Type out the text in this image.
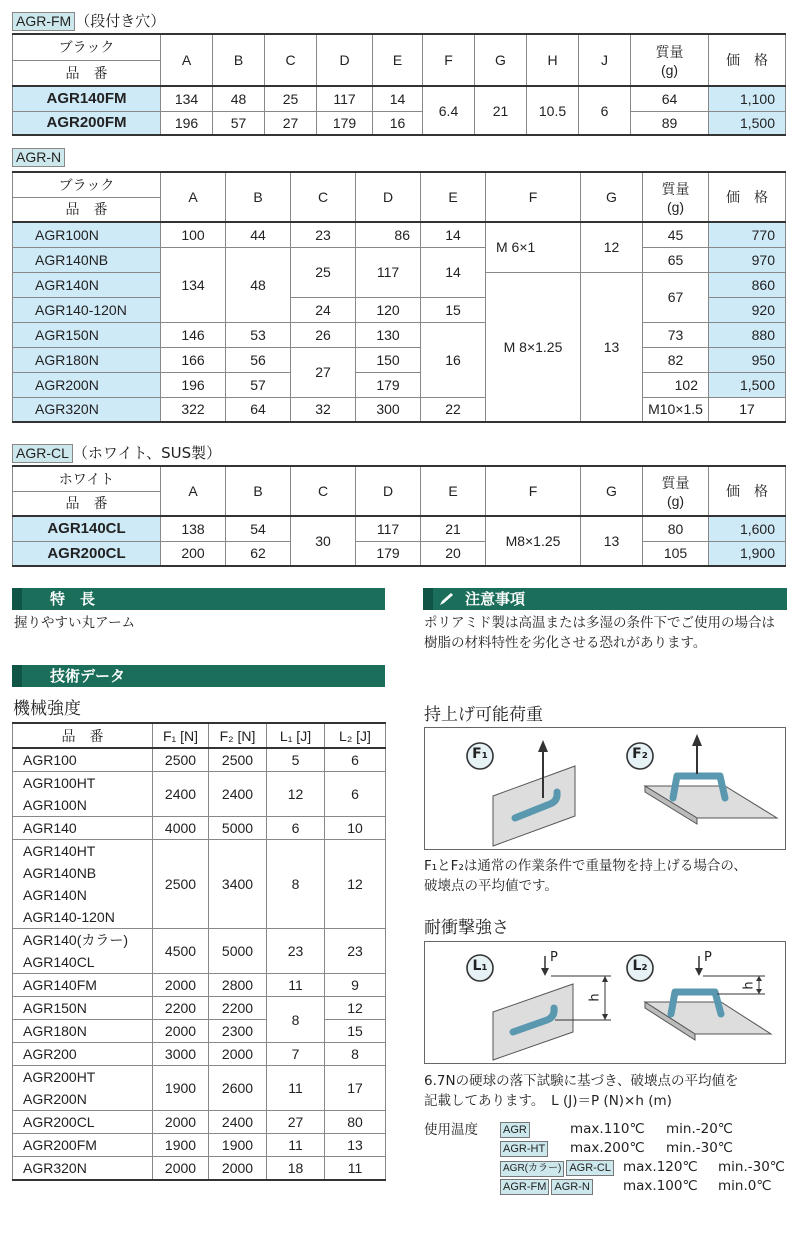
AGR-FM （段付き穴）
ブラック	A	B	C	D	E	F	G	H	J	質量
(g)	価　格
品　番											
AGR140FM	134	48	25	117	14	6.4	21	10.5	6	64	1,100
AGR200FM	196	57	27	179	16					89	1,500
AGR-N
ブラック	A	B	C	D	E	F	G	質量
(g)	価　格	
品　番										
AGR100N	100	44	23	86	14	M 6×1	12	45	770	
AGR140NB	134	48	25	117	14			65	970	
AGR140N						M 8×1.25	13	67	860	
AGR140-120N			24	120	15				920	
AGR150N	146	53	26	130	16			73	880	
AGR180N	166	56	27	150				82	950	
AGR200N	196	57		179				102	1,500	
AGR320N	322	64	32	300	22			M10×1.5	17		
AGR-CL （ホワイト、SUS製）
ホワイト	A	B	C	D	E	F	G	質量
(g)	価　格
品　番									
AGR140CL	138	54	30	117	21	M8×1.25	13	80	1,600
AGR200CL	200	62		179	20			105	1,900
特　長
握りやすい丸アーム
注意事項
ポリアミド製は高温または多湿の条件下でご使用の場合は
樹脂の材料特性を劣化させる恐れがあります。
技術データ
機械強度
品　番	F₁ [N]	F₂ [N]	L₁ [J]	L₂ [J]

AGR100	2500	2500	5	6

AGR100HT
AGR100N	2400	2400	12	6

AGR140	4000	5000	6	10

AGR140HT
AGR140NB
AGR140N
AGR140-120N	2500	3400	8	12

AGR140(カラー)
AGR140CL	4500	5000	23	23

AGR140FM	2000	2800	11	9

AGR150N	2200	2200	8	12

AGR180N	2000	2300		15

AGR200	3000	2000	7	8

AGR200HT
AGR200N	1900	2600	11	17

AGR200CL	2000	2400	27	80

AGR200FM	1900	1900	11	13

AGR320N	2000	2000	18	11
持上げ可能荷重
F₁	F₂
F₁とF₂は通常の作業条件で重量物を持上げる場合の、
破壊点の平均値です。
耐衝撃強さ
L₁	L₂
P	P
h
h
6.7Nの硬球の落下試験に基づき、破壊点の平均値を
記載してあります。　L (J)＝P (N)×h (m)
使用温度 AGR	max.110℃ min.-20℃
AGR-HT max.200℃ min.-30℃
AGR(カラー) AGR-CL max.120℃ min.-30℃
AGR-FM AGR-N max.100℃ min.0℃
